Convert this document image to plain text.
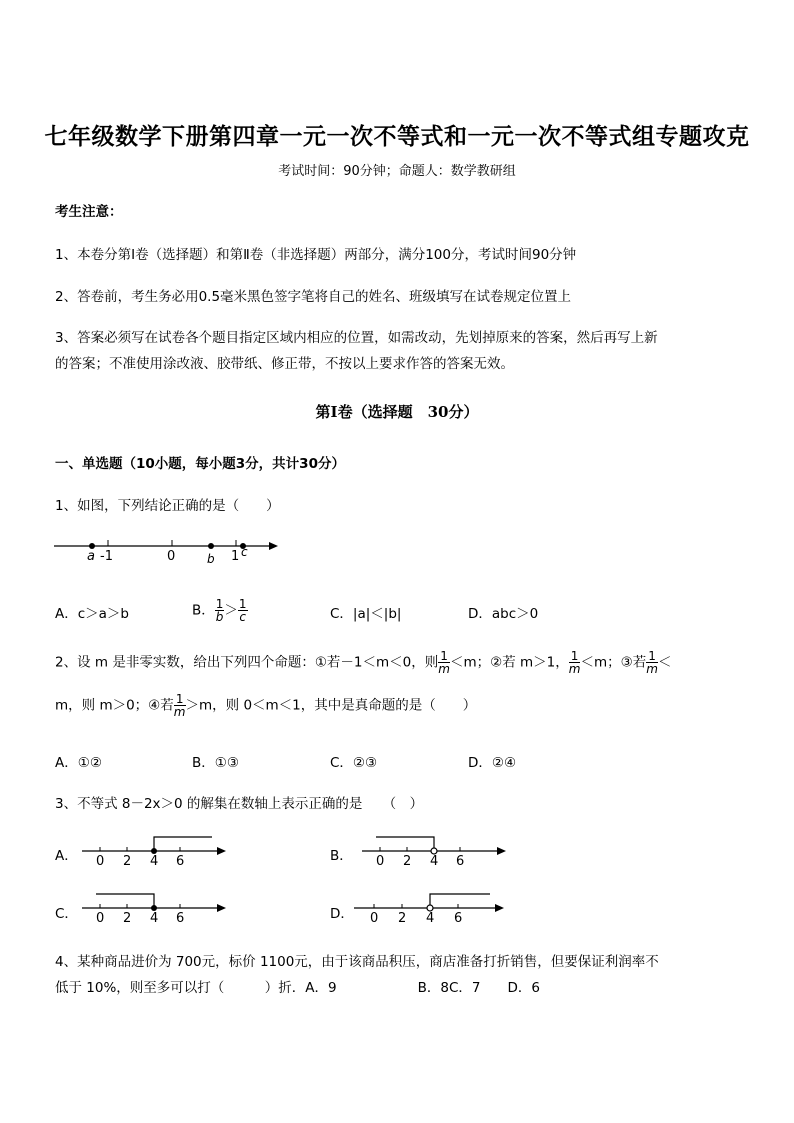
七年级数学下册第四章一元一次不等式和一元一次不等式组专题攻克
考试时间：90分钟；命题人：数学教研组
考生注意：
1、本卷分第Ⅰ卷（选择题）和第Ⅱ卷（非选择题）两部分，满分100分，考试时间90分钟
2、答卷前，考生务必用0.5毫米黑色签字笔将自己的姓名、班级填写在试卷规定位置上
3、答案必须写在试卷各个题目指定区域内相应的位置，如需改动，先划掉原来的答案，然后再写上新
的答案；不准使用涂改液、胶带纸、修正带，不按以上要求作答的答案无效。
第Ⅰ卷（选择题　30分）
一、单选题（10小题，每小题3分，共计30分）
1、如图，下列结论正确的是（　　）
a -1	0	b 1 c
A．c＞a＞b	B． $\frac{1}{b} > \frac{1}{c}$	C．|a|＜|b|	D．abc＞0
2、设 m 是非零实数，给出下列四个命题：①若－1＜m＜0，则 $\frac{1}{m} <m$；②若 m＞1， $\frac{1}{m} <m$；③若 $\frac{1}{m}$ ＜
m，则 m＞0；④若 $\frac{1}{m} >m$，则 0＜m＜1，其中是真命题的是（　　）
A．①②	B．①③	C．②③	D．②④
3、不等式 8－2x＞0 的解集在数轴上表示正确的是　　（　）
A． 0 2 4 6	B． 0 2 4 6
C． 0 2 4 6	D． 0 2 4 6
4、某种商品进价为 700元，标价 1100元，由于该商品积压，商店准备打折销售，但要保证利润率不
低于 10%，则至多可以打（　　　）折．A．9　　　　　　B．8C．7　　D．6
